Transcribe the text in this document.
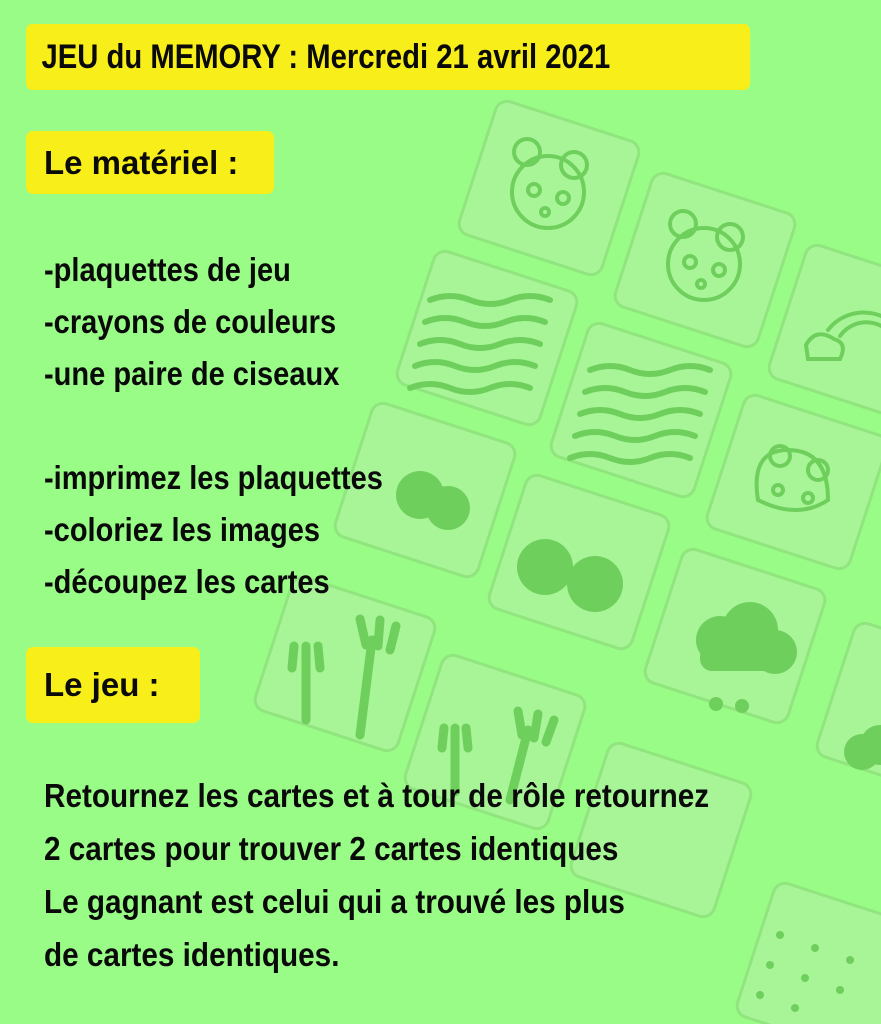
JEU du MEMORY : Mercredi 21 avril 2021
Le matériel :
-plaquettes de jeu
-crayons de couleurs
-une paire de ciseaux
-imprimez les plaquettes
-coloriez les images
-découpez les cartes
Le jeu :
Retournez les cartes et à tour de rôle retournez
2 cartes pour trouver 2 cartes identiques
Le gagnant est celui qui a trouvé les plus
de cartes identiques.
